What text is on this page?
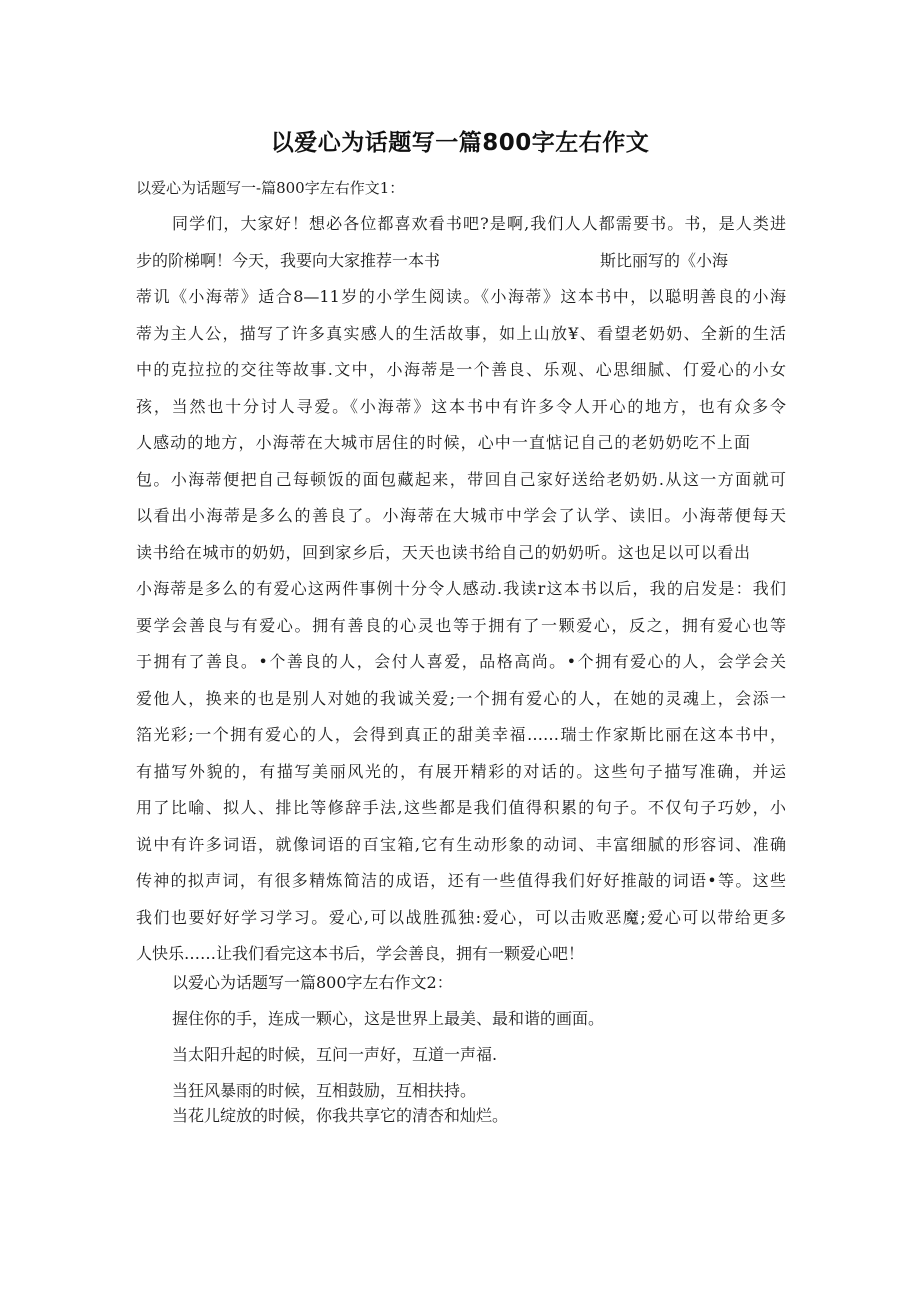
以爱心为话题写一篇800字左右作文
以爱心为话题写一-篇800字左右作文1：
同学们，大家好！想必各位都喜欢看书吧?是啊,我们人人都需要书。书，是人类进
步的阶梯啊！今天，我要向大家推荐一本书	斯比丽写的《小海
蒂讥《小海蒂》适合8—11岁的小学生阅读。《小海蒂》这本书中，以聪明善良的小海
蒂为主人公，描写了许多真实感人的生活故事，如上山放¥、看望老奶奶、全新的生活
中的克拉拉的交往等故事.文中，小海蒂是一个善良、乐观、心思细腻、仃爱心的小女
孩，当然也十分讨人寻爱。《小海蒂》这本书中有许多令人开心的地方，也有众多令
人感动的地方，小海蒂在大城市居住的时候，心中一直惦记自己的老奶奶吃不上面
包。小海蒂便把自己每顿饭的面包藏起来，带回自己家好送给老奶奶.从这一方面就可
以看出小海蒂是多么的善良了。小海蒂在大城市中学会了认学、读旧。小海蒂便每天
读书给在城市的奶奶，回到家乡后，天天也读书给自己的奶奶听。这也足以可以看出
小海蒂是多么的有爱心这两件事例十分令人感动.我读r这本书以后，我的启发是：我们
要学会善良与有爱心。拥有善良的心灵也等于拥有了一颗爱心，反之，拥有爱心也等
于拥有了善良。•个善良的人，会付人喜爱，品格高尚。•个拥有爱心的人，会学会关
爱他人，换来的也是别人对她的我诚关爱;一个拥有爱心的人，在她的灵魂上，会添一
箔光彩;一个拥有爱心的人，会得到真正的甜美幸福……瑞士作家斯比丽在这本书中，
有描写外貌的，有描写美丽风光的，有展开精彩的对话的。这些句子描写准确，并运
用了比喻、拟人、排比等修辞手法,这些都是我们值得积累的句子。不仅句子巧妙，小
说中有许多词语，就像词语的百宝箱,它有生动形象的动词、丰富细腻的形容词、准确
传神的拟声词，有很多精炼简洁的成语，还有一些值得我们好好推敲的词语•等。这些
我们也要好好学习学习。爱心,可以战胜孤独:爱心，可以击败恶魔;爱心可以带给更多
人快乐……让我们看完这本书后，学会善良，拥有一颗爱心吧！
以爱心为话题写一篇800字左右作文2：
握住你的手，连成一颗心，这是世界上最美、最和谐的画面。
当太阳升起的时候，互问一声好，互道一声福.
当狂风暴雨的时候，互相鼓励，互相扶持。
当花儿绽放的时候，你我共享它的清杏和灿烂。
